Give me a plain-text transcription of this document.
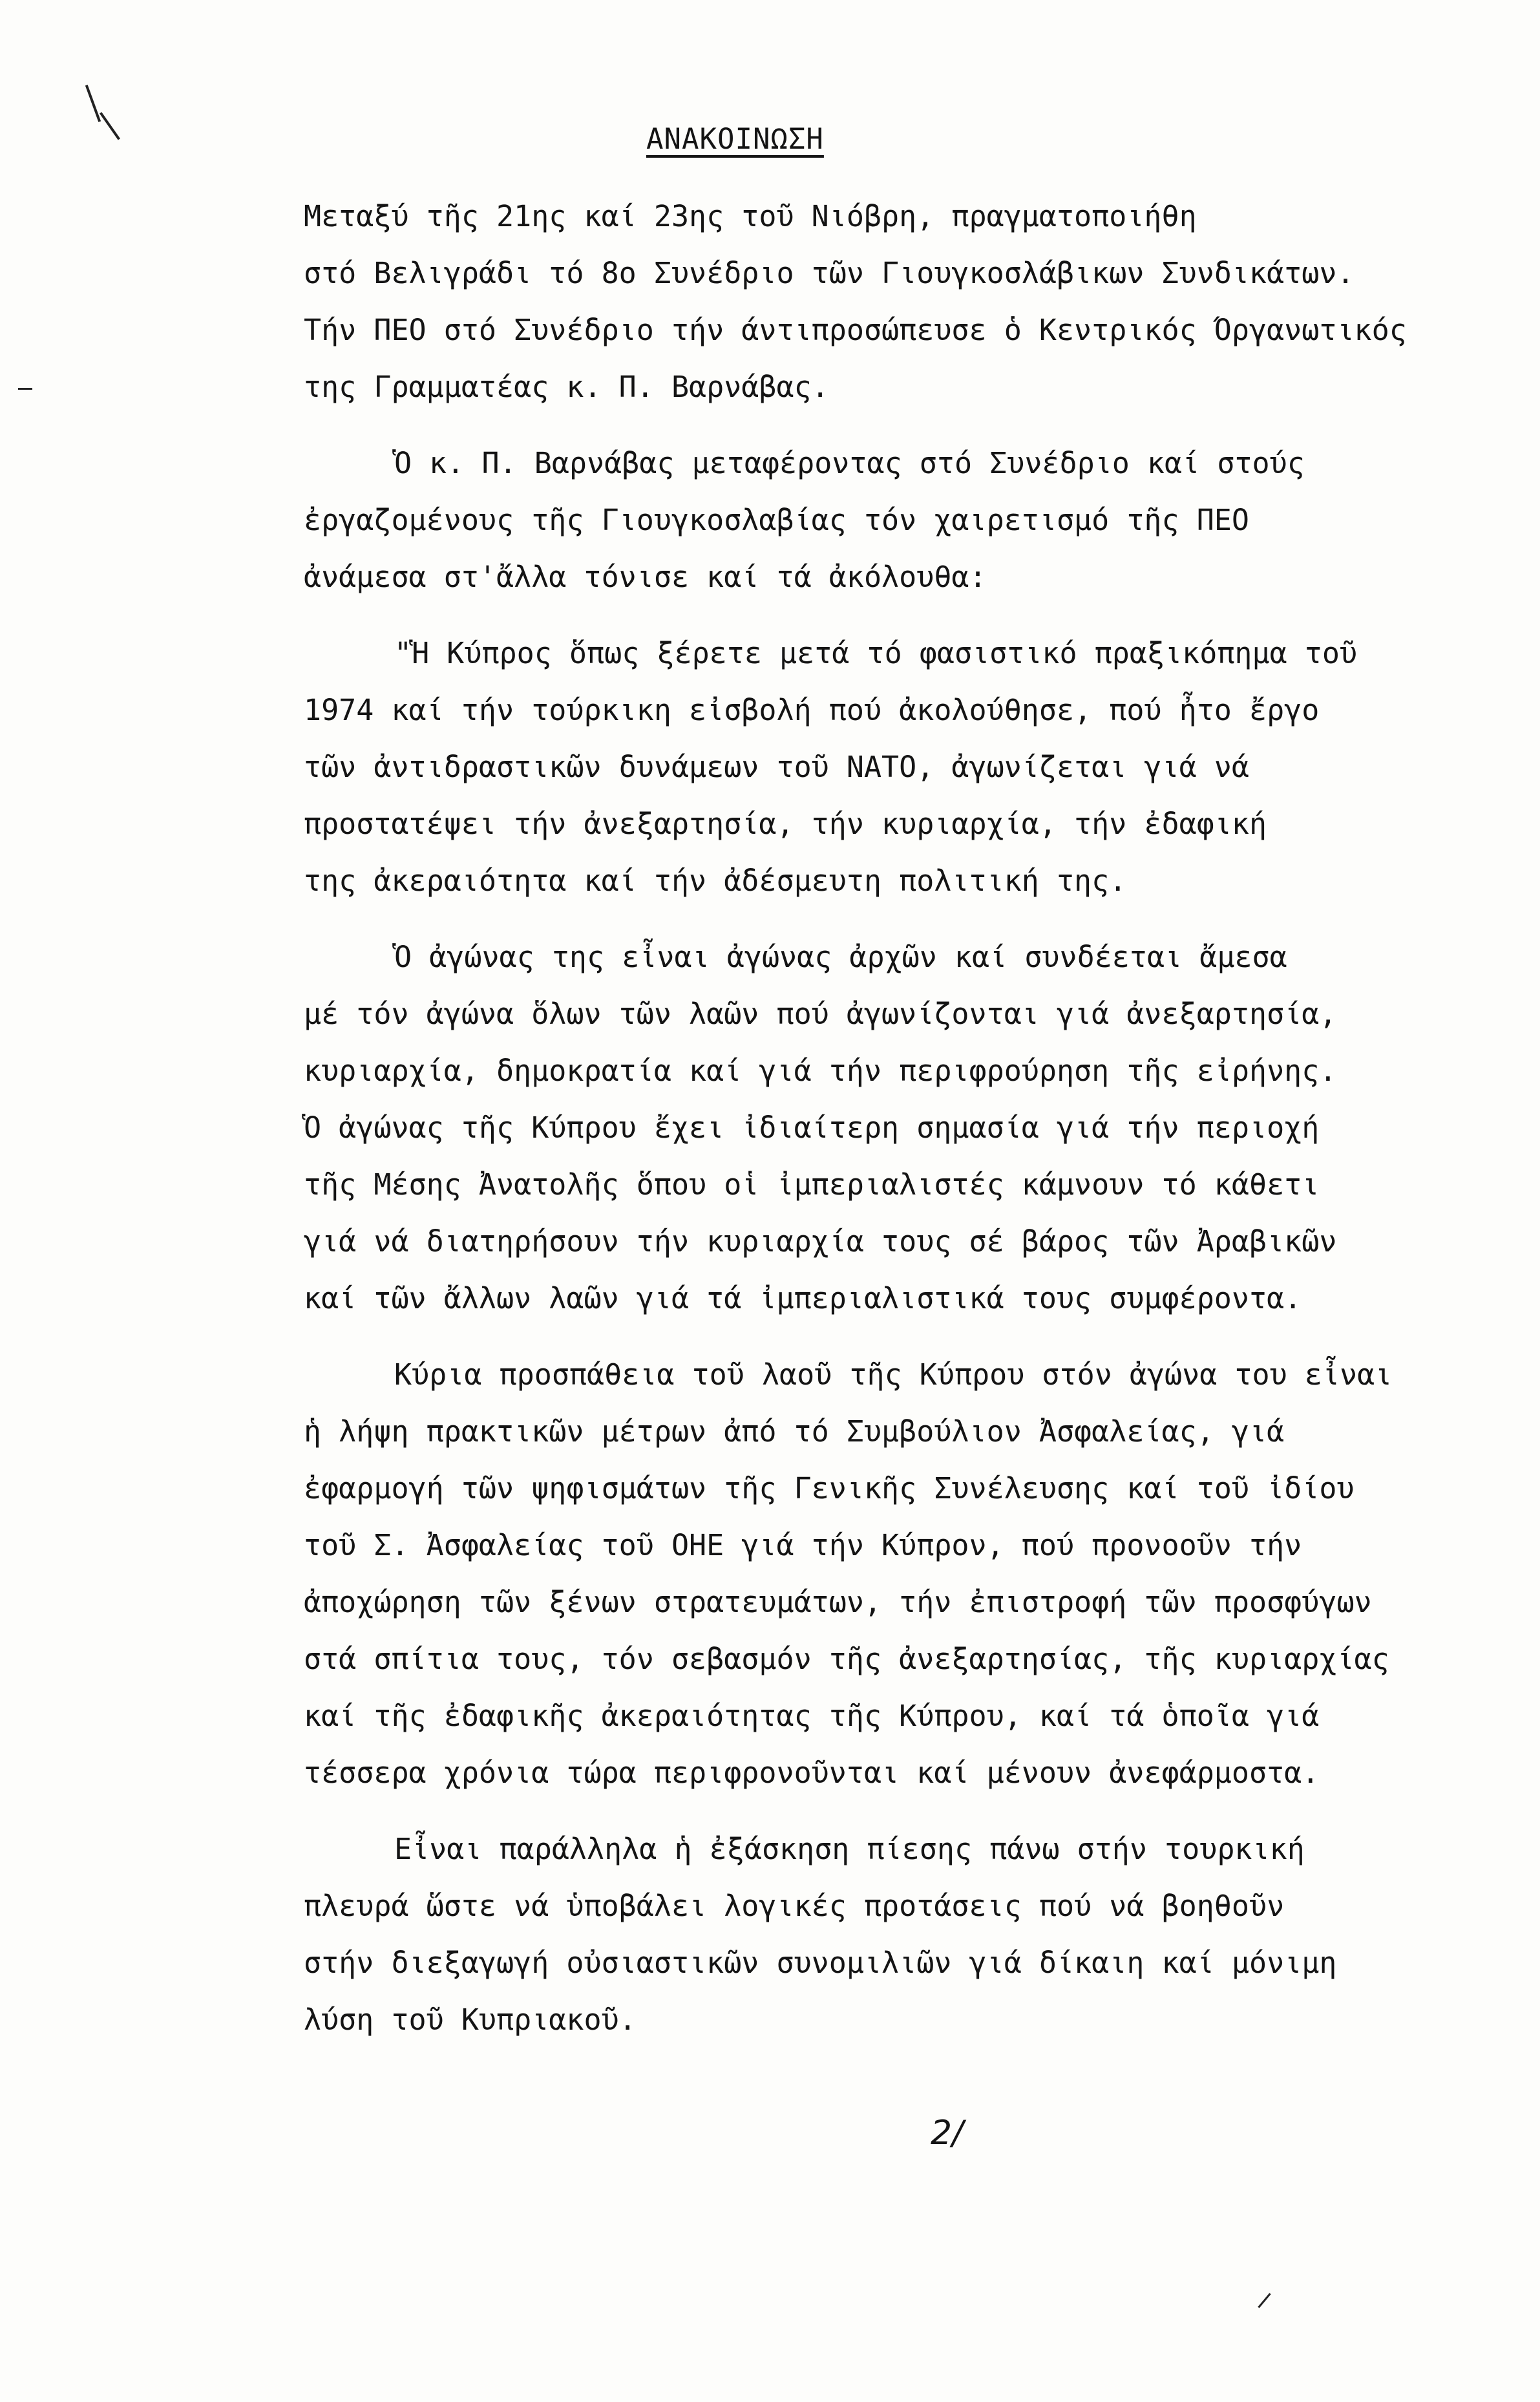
ΑΝΑΚΟΙΝΩΣΗ
Μεταξύ τῆς 21ης καί 23ης τοῦ Νιόβρη, πραγματοποιήθη
στό Βελιγράδι τό 8ο Συνέδριο τῶν Γιουγκοσλάβικων Συνδικάτων.
Τήν ΠΕΟ στό Συνέδριο τήν άντιπροσώπευσε ὁ Κεντρικός Όργανωτικός
της Γραμματέας κ. Π. Βαρνάβας.
Ὁ κ. Π. Βαρνάβας μεταφέροντας στό Συνέδριο καί στούς
ἐργαζομένους τῆς Γιουγκοσλαβίας τόν χαιρετισμό τῆς ΠΕΟ
ἀνάμεσα στ'ἄλλα τόνισε καί τά ἀκόλουθα:
"Ἡ Κύπρος ὅπως ξέρετε μετά τό φασιστικό πραξικόπημα τοῦ
1974 καί τήν τούρκικη εἰσβολή πού ἀκολούθησε, πού ἦτο ἔργο
τῶν ἀντιδραστικῶν δυνάμεων τοῦ ΝΑΤΟ, ἀγωνίζεται γιά νά
προστατέψει τήν ἀνεξαρτησία, τήν κυριαρχία, τήν ἐδαφική
της ἀκεραιότητα καί τήν ἀδέσμευτη πολιτική της.
Ὁ ἀγώνας της εἶναι ἀγώνας ἀρχῶν καί συνδέεται ἄμεσα
μέ τόν ἀγώνα ὅλων τῶν λαῶν πού ἀγωνίζονται γιά ἀνεξαρτησία,
κυριαρχία, δημοκρατία καί γιά τήν περιφρούρηση τῆς εἰρήνης.
Ὁ ἀγώνας τῆς Κύπρου ἔχει ἰδιαίτερη σημασία γιά τήν περιοχή
τῆς Μέσης Ἀνατολῆς ὅπου οἱ ἰμπεριαλιστές κάμνουν τό κάθετι
γιά νά διατηρήσουν τήν κυριαρχία τους σέ βάρος τῶν Ἀραβικῶν
καί τῶν ἄλλων λαῶν γιά τά ἰμπεριαλιστικά τους συμφέροντα.
Κύρια προσπάθεια τοῦ λαοῦ τῆς Κύπρου στόν ἀγώνα του εἶναι
ἡ λήψη πρακτικῶν μέτρων ἀπό τό Συμβούλιον Ἀσφαλείας, γιά
ἐφαρμογή τῶν ψηφισμάτων τῆς Γενικῆς Συνέλευσης καί τοῦ ἰδίου
τοῦ Σ. Ἀσφαλείας τοῦ ΟΗΕ γιά τήν Κύπρον, πού προνοοῦν τήν
ἀποχώρηση τῶν ξένων στρατευμάτων, τήν ἐπιστροφή τῶν προσφύγων
στά σπίτια τους, τόν σεβασμόν τῆς ἀνεξαρτησίας, τῆς κυριαρχίας
καί τῆς ἐδαφικῆς ἀκεραιότητας τῆς Κύπρου, καί τά ὁποῖα γιά
τέσσερα χρόνια τώρα περιφρονοῦνται καί μένουν ἀνεφάρμοστα.
Εἶναι παράλληλα ἡ ἐξάσκηση πίεσης πάνω στήν τουρκική
πλευρά ὥστε νά ὑποβάλει λογικές προτάσεις πού νά βοηθοῦν
στήν διεξαγωγή οὐσιαστικῶν συνομιλιῶν γιά δίκαιη καί μόνιμη
λύση τοῦ Κυπριακοῦ.
2/
